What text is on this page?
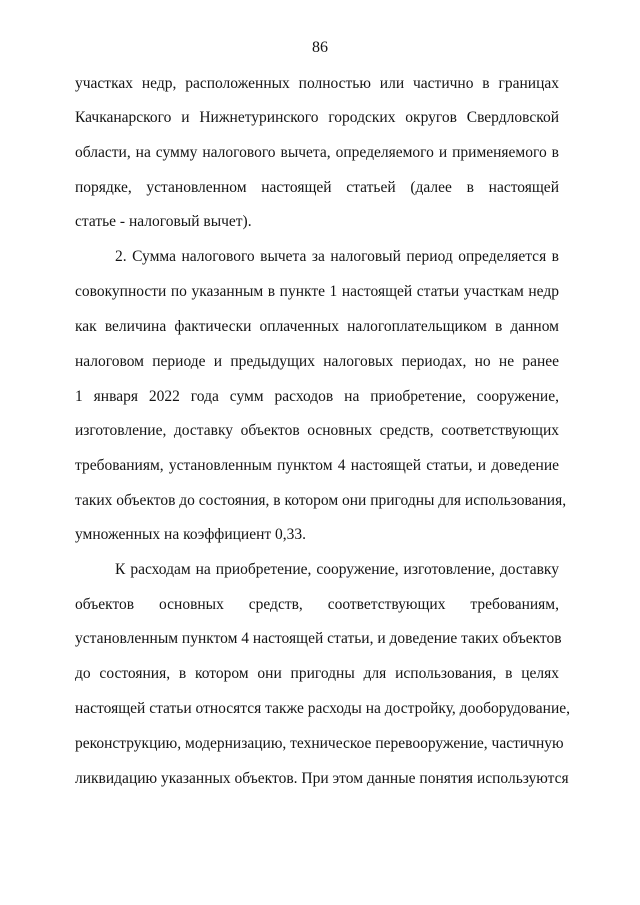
86
участках недр, расположенных полностью или частично в границах
Качканарского и Нижнетуринского городских округов Свердловской
области, на сумму налогового вычета, определяемого и применяемого в
порядке, установленном настоящей статьей (далее в настоящей
статье - налоговый вычет).
2. Сумма налогового вычета за налоговый период определяется в
совокупности по указанным в пункте 1 настоящей статьи участкам недр
как величина фактически оплаченных налогоплательщиком в данном
налоговом периоде и предыдущих налоговых периодах, но не ранее
1 января 2022 года сумм расходов на приобретение, сооружение,
изготовление, доставку объектов основных средств, соответствующих
требованиям, установленным пунктом 4 настоящей статьи, и доведение
таких объектов до состояния, в котором они пригодны для использования,
умноженных на коэффициент 0,33.
К расходам на приобретение, сооружение, изготовление, доставку
объектов основных средств, соответствующих требованиям,
установленным пунктом 4 настоящей статьи, и доведение таких объектов
до состояния, в котором они пригодны для использования, в целях
настоящей статьи относятся также расходы на достройку, дооборудование,
реконструкцию, модернизацию, техническое перевооружение, частичную
ликвидацию указанных объектов. При этом данные понятия используются
